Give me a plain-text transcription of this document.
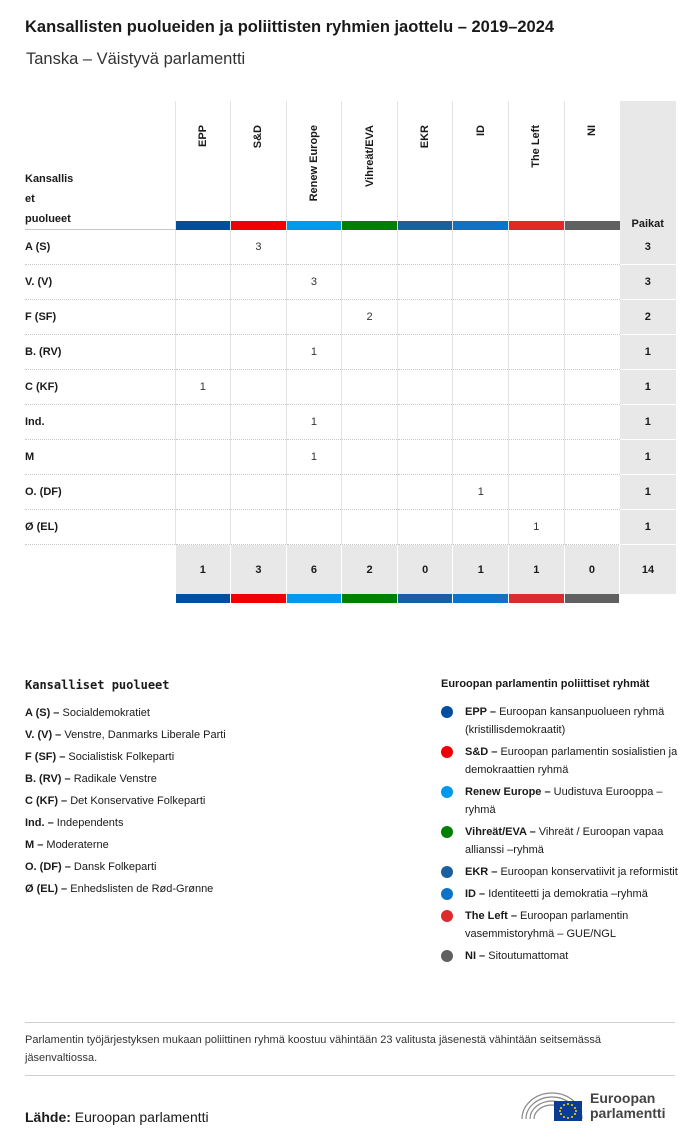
Kansallisten puolueiden ja poliittisten ryhmien jaottelu – 2019–2024
Tanska – Väistyvä parlamentti
Kansallis et puolueet	EPP	S&D	Renew Europe	Vihreät/EVA	EKR	ID	The Left	NI	Paikat
A (S)		3							3
V. (V)			3						3
F (SF)				2					2
B. (RV)			1						1
C (KF)	1								1
Ind.			1						1
M			1						1
O. (DF)						1			1
Ø (EL)							1		1
	1	3	6	2	0	1	1	0	14
Kansalliset puolueet
A (S) – Socialdemokratiet
V. (V) – Venstre, Danmarks Liberale Parti
F (SF) – Socialistisk Folkeparti
B. (RV) – Radikale Venstre
C (KF) – Det Konservative Folkeparti
Ind. – Independents
M – Moderaterne
O. (DF) – Dansk Folkeparti
Ø (EL) – Enhedslisten de Rød-Grønne
Euroopan parlamentin poliittiset ryhmät
EPP – Euroopan kansanpuolueen ryhmä (kristillisdemokraatit)
S&D – Euroopan parlamentin sosialistien ja demokraattien ryhmä
Renew Europe – Uudistuva Eurooppa –ryhmä
Vihreät/EVA – Vihreät / Euroopan vapaa allianssi –ryhmä
EKR – Euroopan konservatiivit ja reformistit
ID – Identiteetti ja demokratia –ryhmä
The Left – Euroopan parlamentin vasemmistoryhmä – GUE/NGL
NI – Sitoutumattomat
Parlamentin työjärjestyksen mukaan poliittinen ryhmä koostuu vähintään 23 valitusta jäsenestä vähintään seitsemässä jäsenvaltiossa.
Lähde: Euroopan parlamentti
Euroopan
parlamentti
